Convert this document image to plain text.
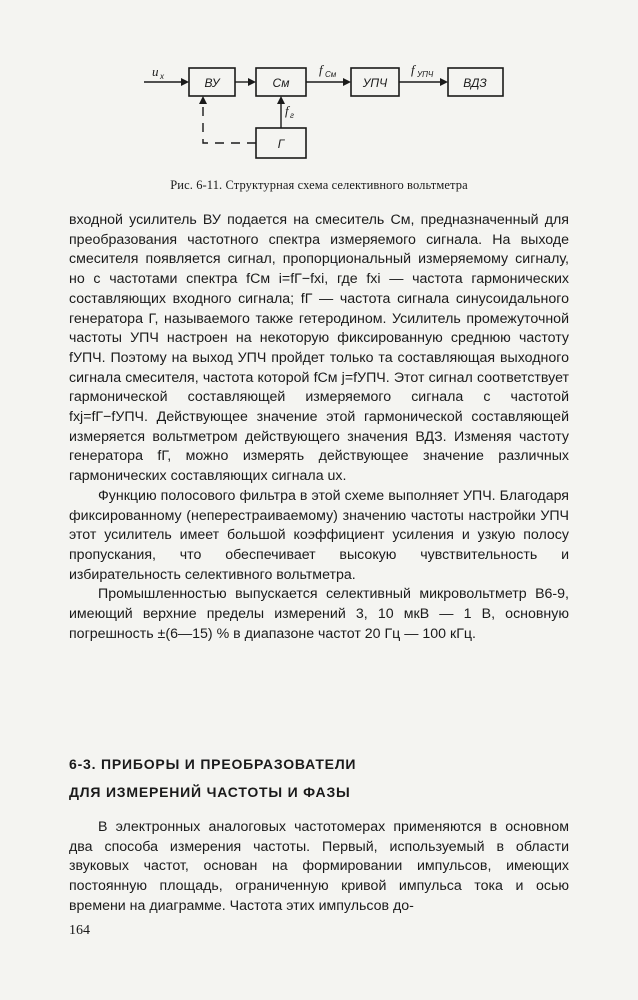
u x	ВУ	См
f См
УПЧ
f УПЧ
ВДЗ
Г
f г
Рис. 6-11. Структурная схема селективного вольтметра

входной усилитель ВУ подается на смеситель См, предназначенный для преобразования частотного спектра измеряемого сигнала. На выходе смесителя появляется сигнал, пропорциональный измеряемому сигналу, но с частотами спектра fСм i=fГ−fxi, где fxi — частота гармонических составляющих входного сигнала; fГ — частота сигнала синусоидального генератора Г, называемого также гетеродином. Усилитель промежуточной частоты УПЧ настроен на некоторую фиксированную среднюю частоту fУПЧ. Поэтому на выход УПЧ пройдет только та составляющая выходного сигнала смесителя, частота которой fСм j=fУПЧ. Этот сигнал соответствует гармонической составляющей измеряемого сигнала с частотой fxj=fГ−fУПЧ. Действующее значение этой гармонической составляющей измеряется вольтметром действующего значения ВДЗ. Изменяя частоту генератора fГ, можно измерять действующее значение различных гармонических составляющих сигнала ux.

Функцию полосового фильтра в этой схеме выполняет УПЧ. Благодаря фиксированному (неперестраиваемому) значению частоты настройки УПЧ этот усилитель имеет большой коэффициент усиления и узкую полосу пропускания, что обеспечивает высокую чувствительность и избирательность селективного вольтметра.

Промышленностью выпускается селективный микровольтметр В6-9, имеющий верхние пределы измерений 3, 10 мкВ — 1 В, основную погрешность ±(6—15) % в диапазоне частот 20 Гц — 100 кГц.

6-3. ПРИБОРЫ И ПРЕОБРАЗОВАТЕЛИ
ДЛЯ ИЗМЕРЕНИЙ ЧАСТОТЫ И ФАЗЫ

В электронных аналоговых частотомерах применяются в основном два способа измерения частоты. Первый, используемый в области звуковых частот, основан на формировании импульсов, имеющих постоянную площадь, ограниченную кривой импульса тока и осью времени на диаграмме. Частота этих импульсов до-

164
